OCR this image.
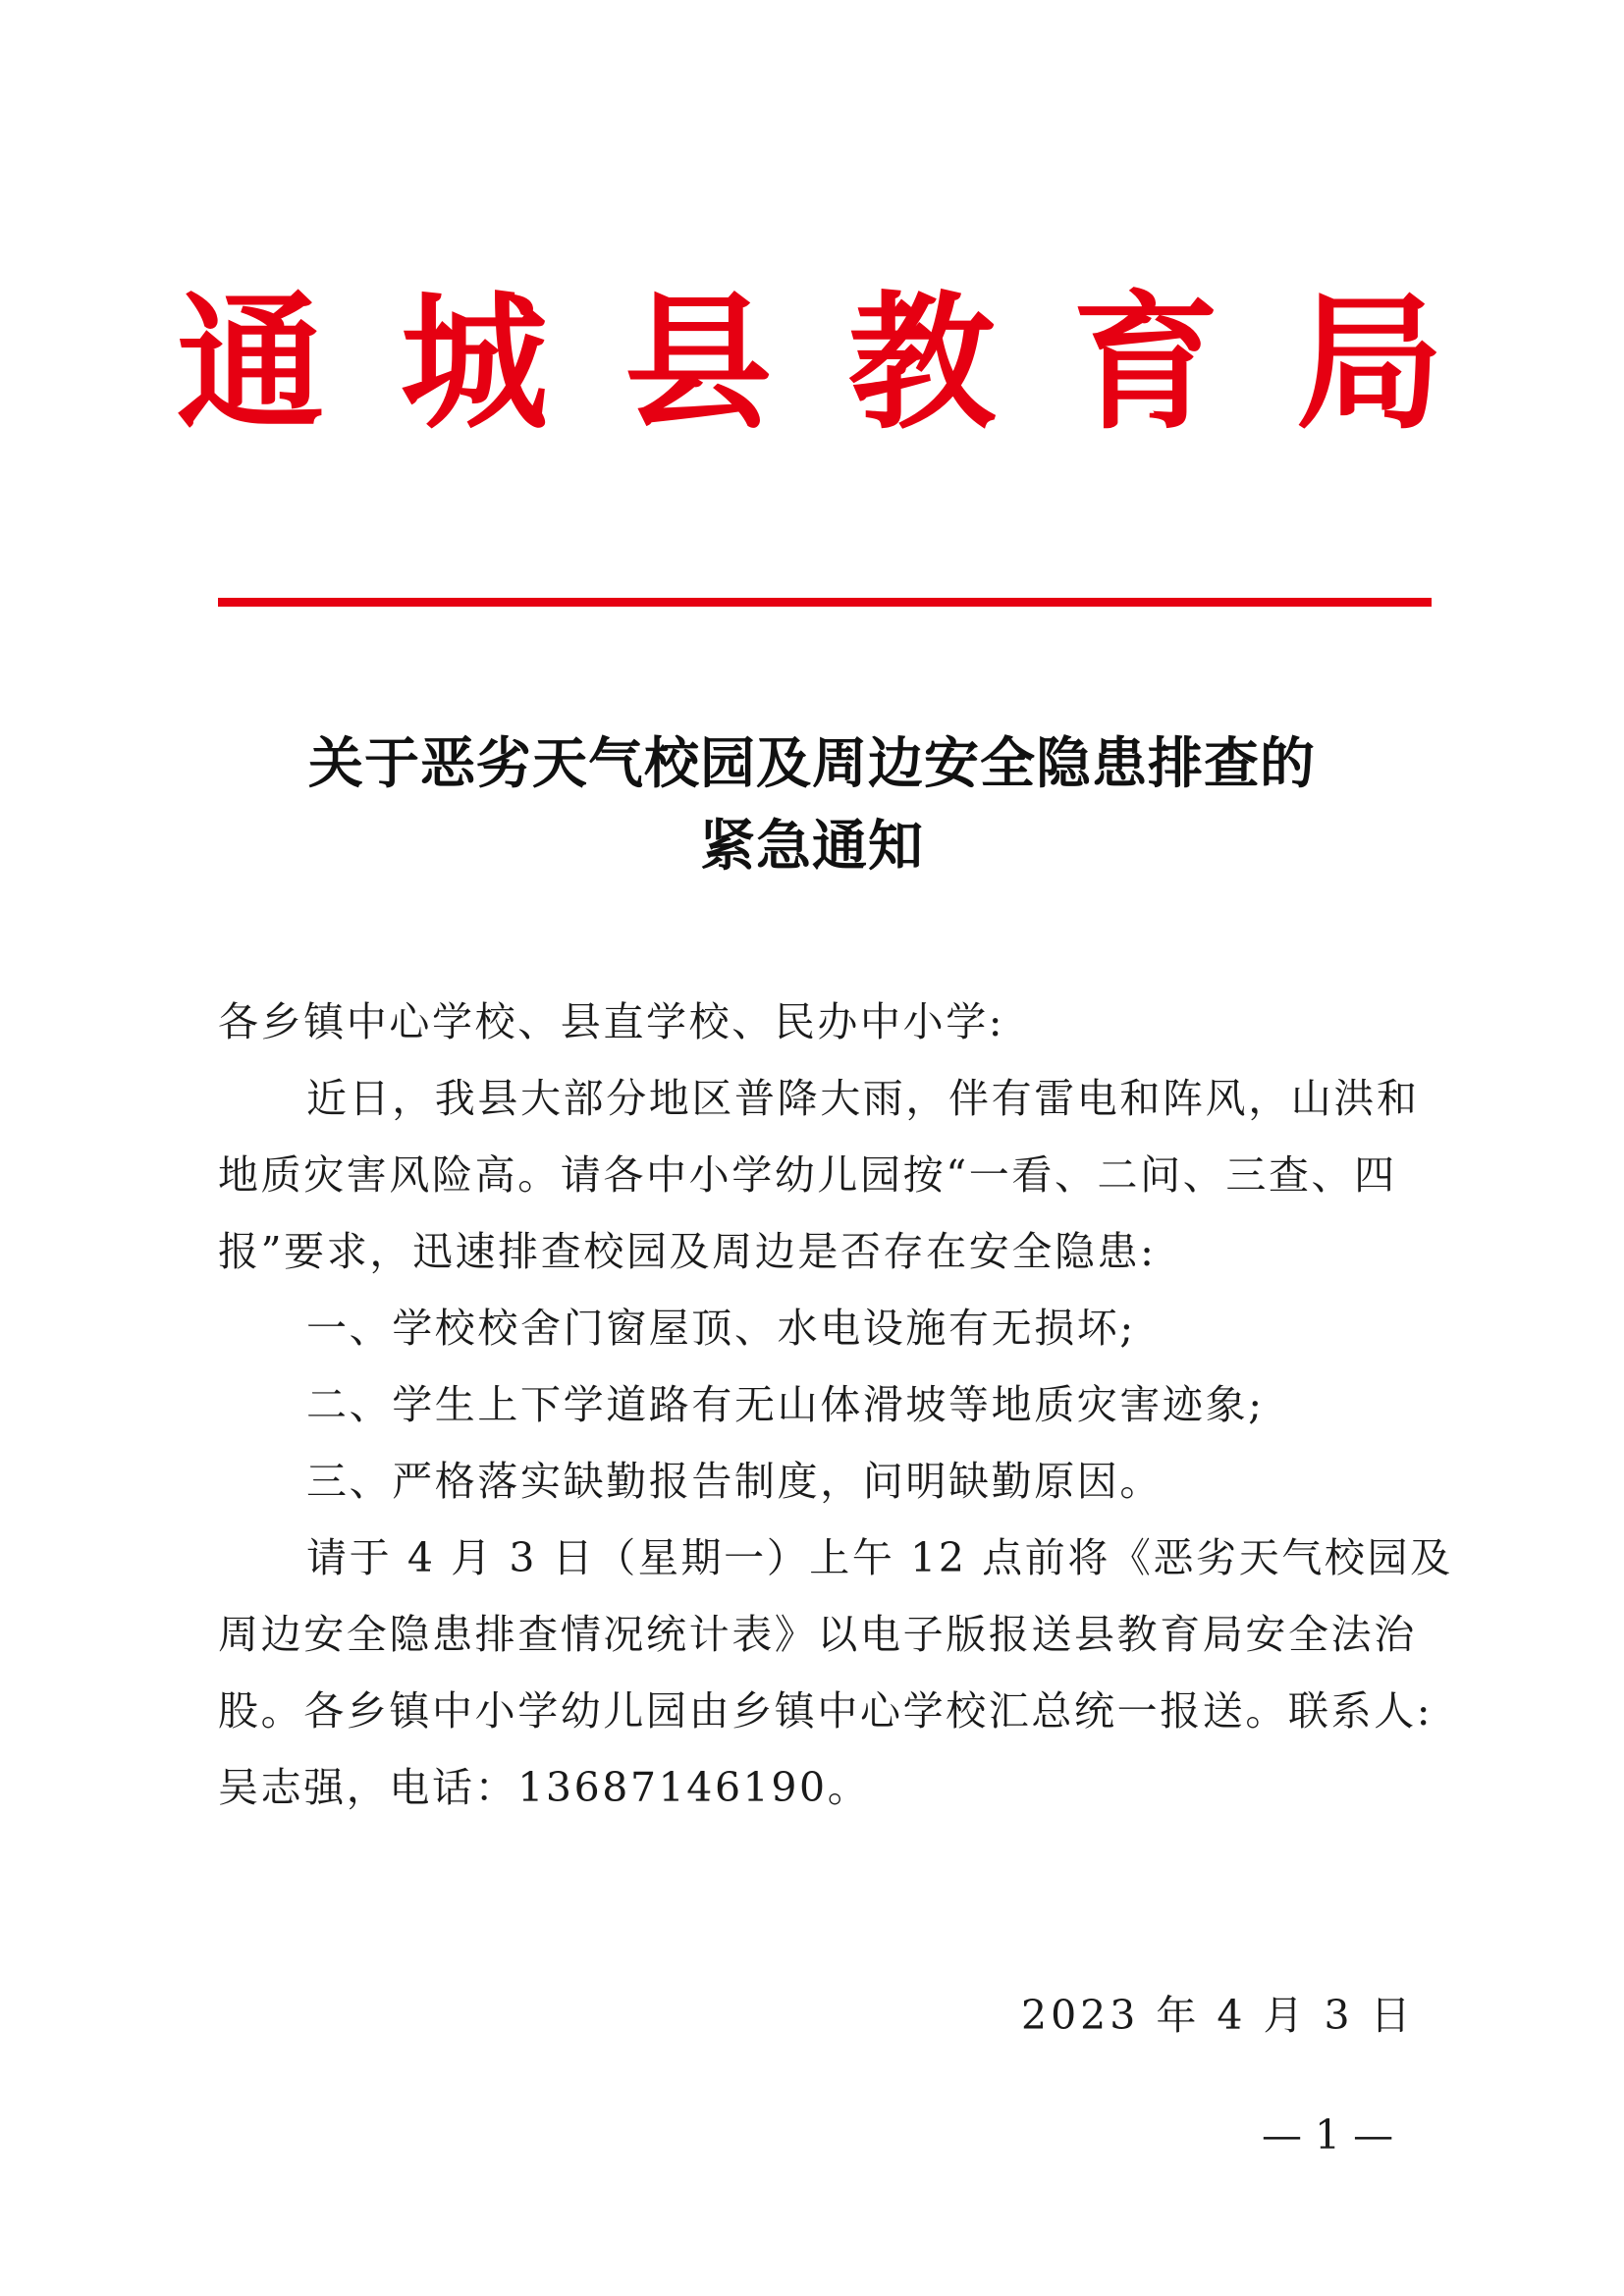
通 城 县 教 育 局
关于恶劣天气校园及周边安全隐患排查的
紧急通知
各乡镇中心学校、县直学校、民办中小学:
近日，我县大部分地区普降大雨，伴有雷电和阵风，山洪和
地质灾害风险高。请各中小学幼儿园按“一看、二问、三查、四
报”要求，迅速排查校园及周边是否存在安全隐患:
一、学校校舍门窗屋顶、水电设施有无损坏;
二、学生上下学道路有无山体滑坡等地质灾害迹象;
三、严格落实缺勤报告制度，问明缺勤原因。
请于 4 月 3 日（星期一）上午 12 点前将《恶劣天气校园及
周边安全隐患排查情况统计表》以电子版报送县教育局安全法治
股。各乡镇中小学幼儿园由乡镇中心学校汇总统一报送。联系人:
吴志强，电话：13687146190。
2023 年 4 月 3 日
— 1 —
